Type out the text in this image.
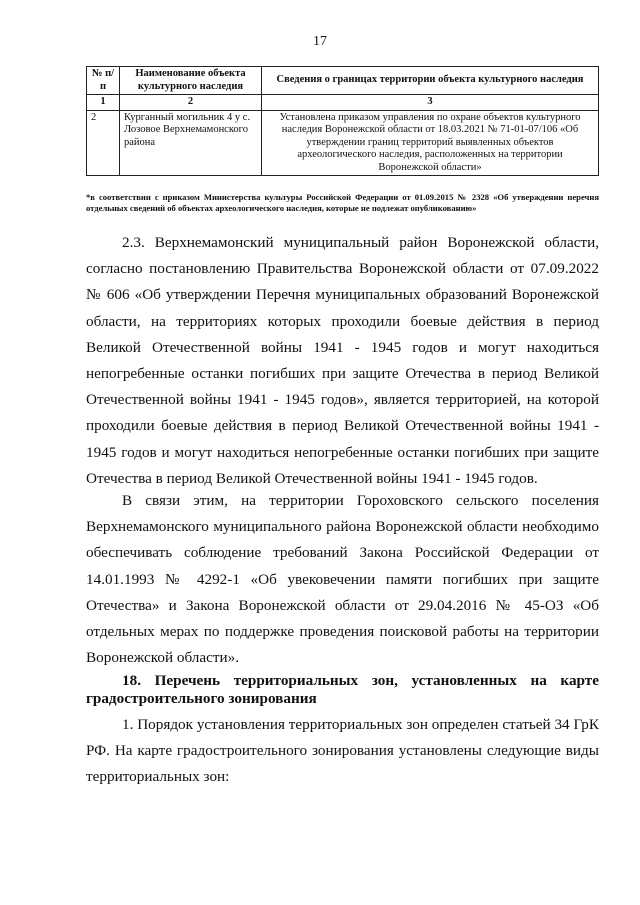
17
№ п/п	Наименование объекта культурного наследия	Сведения о границах территории объекта культурного наследия
1	2	3
2	Курганный могильник 4 у с. Лозовое Верхнемамонского района	Установлена приказом управления по охране объектов культурного наследия Воронежской области от 18.03.2021 № 71-01-07/106 «Об утверждении границ территорий выявленных объектов археологического наследия, расположенных на территории Воронежской области»
*в соответствии с приказом Министерства культуры Российской Федерации от 01.09.2015 № 2328 «Об утверждении перечня отдельных сведений об объектах археологического наследия, которые не подлежат опубликованию»

2.3. Верхнемамонский муниципальный район Воронежской области, согласно постановлению Правительства Воронежской области от 07.09.2022 № 606 «Об утверждении Перечня муниципальных образований Воронежской области, на территориях которых проходили боевые действия в период Великой Отечественной войны 1941 - 1945 годов и могут находиться непогребенные останки погибших при защите Отечества в период Великой Отечественной войны 1941 - 1945 годов», является территорией, на которой проходили боевые действия в период Великой Отечественной войны 1941 - 1945 годов и могут находиться непогребенные останки погибших при защите Отечества в период Великой Отечественной войны 1941 - 1945 годов.

В связи этим, на территории Гороховского сельского поселения Верхнемамонского муниципального района Воронежской области необходимо обеспечивать соблюдение требований Закона Российской Федерации от 14.01.1993 № 4292-1 «Об увековечении памяти погибших при защите Отечества» и Закона Воронежской области от 29.04.2016 № 45-ОЗ «Об отдельных мерах по поддержке проведения поисковой работы на территории Воронежской области».

18. Перечень территориальных зон, установленных на карте градостроительного зонирования

1. Порядок установления территориальных зон определен статьей 34 ГрК РФ. На карте градостроительного зонирования установлены следующие виды территориальных зон:
